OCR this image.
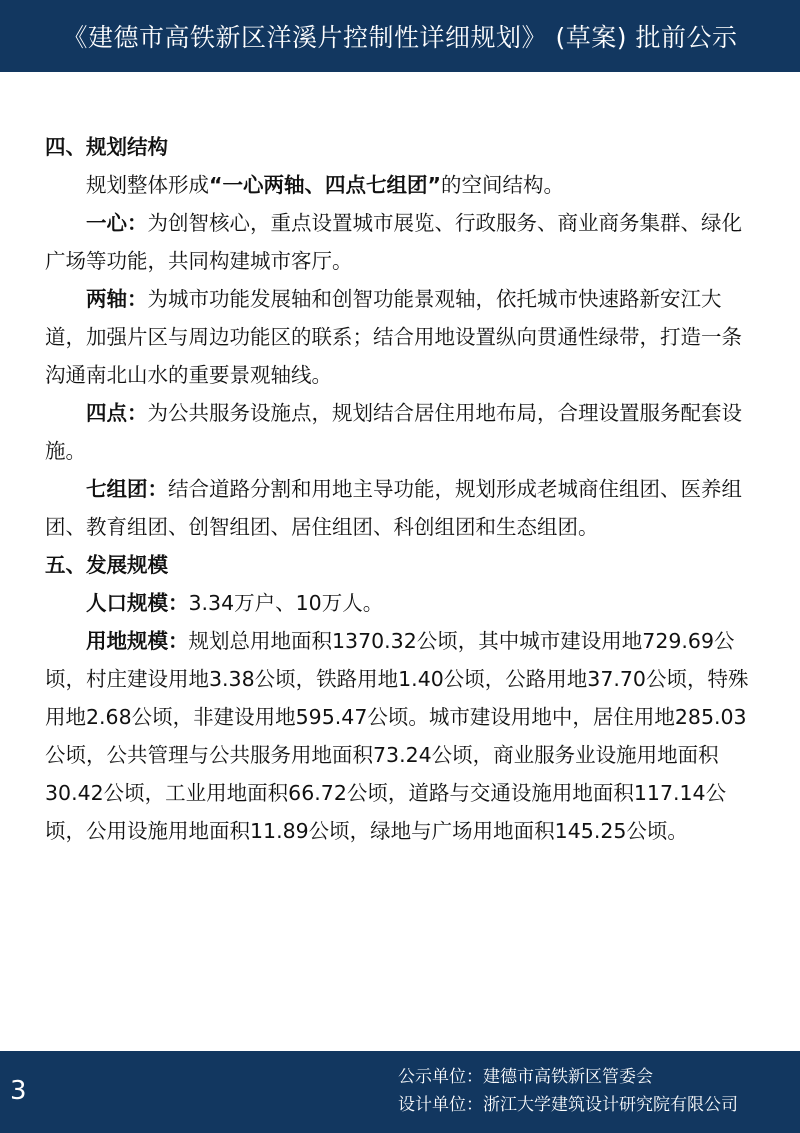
《建德市高铁新区洋溪片控制性详细规划》 (草案) 批前公示

四、规划结构

规划整体形成“一心两轴、四点七组团”的空间结构。

一心：为创智核心，重点设置城市展览、行政服务、商业商务集群、绿化广场等功能，共同构建城市客厅。

两轴：为城市功能发展轴和创智功能景观轴，依托城市快速路新安江大道，加强片区与周边功能区的联系；结合用地设置纵向贯通性绿带，打造一条沟通南北山水的重要景观轴线。

四点：为公共服务设施点，规划结合居住用地布局，合理设置服务配套设施。

七组团：结合道路分割和用地主导功能，规划形成老城商住组团、医养组团、教育组团、创智组团、居住组团、科创组团和生态组团。

五、发展规模

人口规模：3.34万户、10万人。

用地规模：规划总用地面积1370.32公顷，其中城市建设用地729.69公顷，村庄建设用地3.38公顷，铁路用地1.40公顷，公路用地37.70公顷，特殊用地2.68公顷，非建设用地595.47公顷。城市建设用地中，居住用地285.03公顷，公共管理与公共服务用地面积73.24公顷，商业服务业设施用地面积30.42公顷，工业用地面积66.72公顷，道路与交通设施用地面积117.14公顷，公用设施用地面积11.89公顷，绿地与广场用地面积145.25公顷。

3	公示单位：建德市高铁新区管委会
设计单位：浙江大学建筑设计研究院有限公司
